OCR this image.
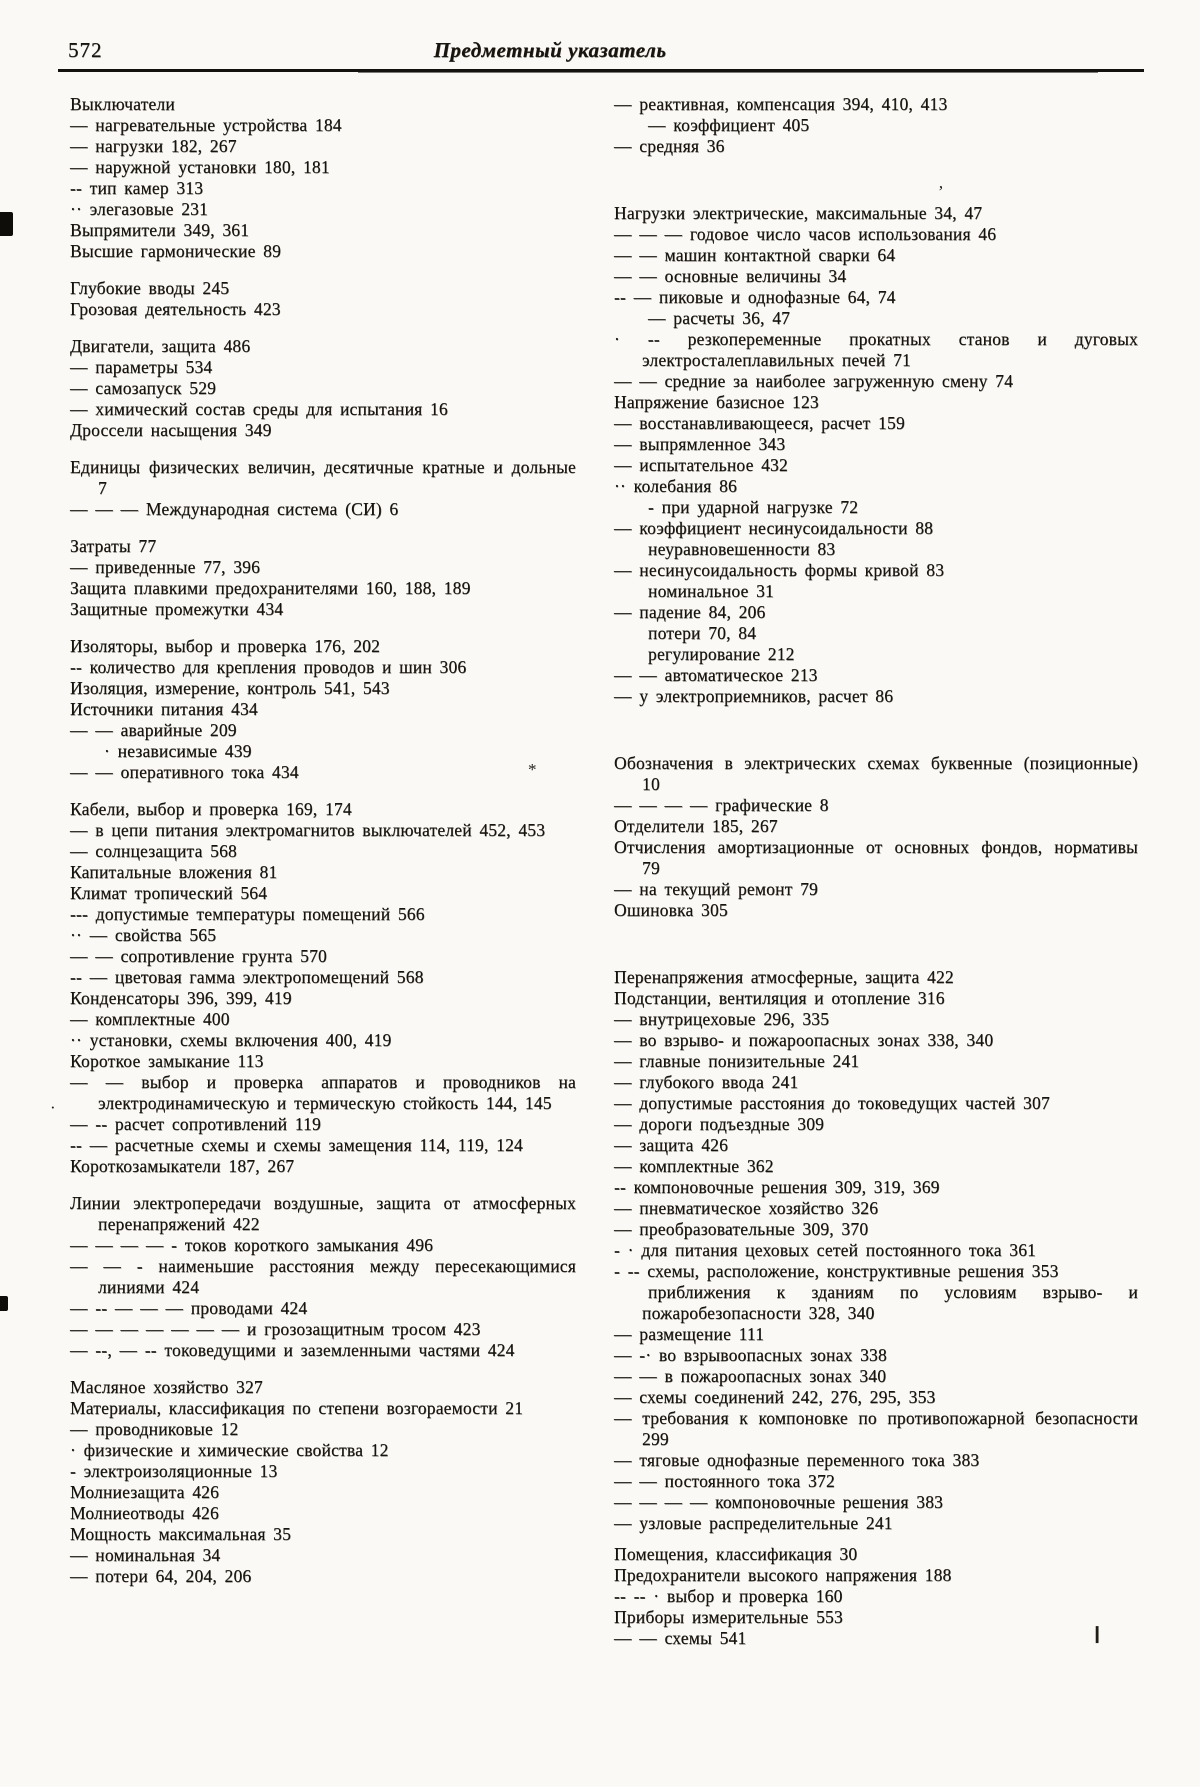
572	Предметный указатель

Выключатели

— нагревательные устройства 184

— нагрузки 182, 267

— наружной установки 180, 181

-- тип камер 313

·· элегазовые 231

Выпрямители 349, 361

Высшие гармонические 89

Глубокие вводы 245

Грозовая деятельность 423

Двигатели, защита 486

— параметры 534

— самозапуск 529

— химический состав среды для испытания 16

Дроссели насыщения 349

Единицы физических величин, десятичные кратные и дольные 7

— — — Международная система (СИ) 6

Затраты 77

— приведенные 77, 396

Защита плавкими предохранителями 160, 188, 189

Защитные промежутки 434

Изоляторы, выбор и проверка 176, 202

-- количество для крепления проводов и шин 306

Изоляция, измерение, контроль 541, 543

Источники питания 434

— — аварийные 209

· независимые 439

— — оперативного тока 434

Кабели, выбор и проверка 169, 174

— в цепи питания электромагнитов выключателей 452, 453

— солнцезащита 568

Капитальные вложения 81

Климат тропический 564

--- допустимые температуры помещений 566

·· — свойства 565

— — сопротивление грунта 570

-- — цветовая гамма электропомещений 568

Конденсаторы 396, 399, 419

— комплектные 400

·· установки, схемы включения 400, 419

Короткое замыкание 113

— — выбор и проверка аппаратов и проводников на электродинамическую и термическую стойкость 144, 145

— -- расчет сопротивлений 119

-- — расчетные схемы и схемы замещения 114, 119, 124

Короткозамыкатели 187, 267

Линии электропередачи воздушные, защита от атмосферных перенапряжений 422

— — — — - токов короткого замыкания 496

— — - наименьшие расстояния между пересекающимися линиями 424

— -- — — — проводами 424

— — — — — — — и грозозащитным тросом 423

— --, — -- токоведущими и заземленными частями 424

Масляное хозяйство 327

Материалы, классификация по степени возгораемости 21

— проводниковые 12

· физические и химические свойства 12

- электроизоляционные 13

Молниезащита 426

Молниеотводы 426

Мощность максимальная 35

— номинальная 34

— потери 64, 204, 206

— реактивная, компенсация 394, 410, 413

— коэффициент 405

— средняя 36

Нагрузки электрические, максимальные 34, 47

— — — годовое число часов использования 46

— — машин контактной сварки 64

— — основные величины 34

-- — пиковые и однофазные 64, 74

— расчеты 36, 47

· -- резкопеременные прокатных станов и дуговых электросталеплавильных печей 71

— — средние за наиболее загруженную смену 74

Напряжение базисное 123

— восстанавливающееся, расчет 159

— выпрямленное 343

— испытательное 432

·· колебания 86

- при ударной нагрузке 72

— коэффициент несинусоидальности 88

неуравновешенности 83

— несинусоидальность формы кривой 83

номинальное 31

— падение 84, 206

потери 70, 84

регулирование 212

— — автоматическое 213

— у электроприемников, расчет 86

Обозначения в электрических схемах буквенные (позиционные) 10

— — — — графические 8

Отделители 185, 267

Отчисления амортизационные от основных фондов, нормативы 79

— на текущий ремонт 79

Ошиновка 305

Перенапряжения атмосферные, защита 422

Подстанции, вентиляция и отопление 316

— внутрицеховые 296, 335

— во взрыво- и пожароопасных зонах 338, 340

— главные понизительные 241

— глубокого ввода 241

— допустимые расстояния до токоведущих частей 307

— дороги подъездные 309

— защита 426

— комплектные 362

-- компоновочные решения 309, 319, 369

— пневматическое хозяйство 326

— преобразовательные 309, 370

- · для питания цеховых сетей постоянного тока 361

- -- схемы, расположение, конструктивные решения 353

приближения к зданиям по условиям взрыво- и пожаробезопасности 328, 340

— размещение 111

— -· во взрывоопасных зонах 338

— — в пожароопасных зонах 340

— схемы соединений 242, 276, 295, 353

— требования к компоновке по противопожарной безопасности 299

— тяговые однофазные переменного тока 383

— — постоянного тока 372

— — — — компоновочные решения 383

— узловые распределительные 241

Помещения, классификация 30

Предохранители высокого напряжения 188

-- -- · выбор и проверка 160

Приборы измерительные 553

— — схемы 541

’
·
*
❙
